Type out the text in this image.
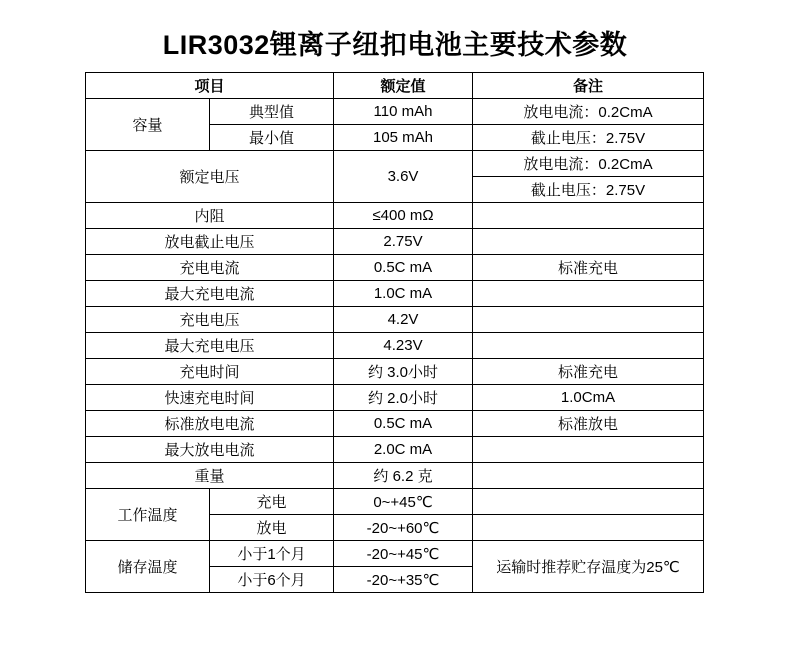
LIR3032锂离子纽扣电池主要技术参数
项目		额定值	备注
容量	典型值	110 mAh	放电电流：0.2CmA
	最小值	105 mAh	截止电压：2.75V
额定电压		3.6V	放电电流：0.2CmA
			截止电压：2.75V
内阻		≤400 mΩ	
放电截止电压		2.75V	
充电电流		0.5C mA	标准充电
最大充电电流		1.0C mA	
充电电压		4.2V	
最大充电电压		4.23V	
充电时间		约 3.0小时	标准充电
快速充电时间		约 2.0小时	1.0CmA
标准放电电流		0.5C mA	标准放电
最大放电电流		2.0C mA	
重量		约 6.2 克	
工作温度	充电	0~+45℃	
	放电	-20~+60℃	
储存温度	小于1个月	-20~+45℃	运输时推荐贮存温度为25℃
	小于6个月	-20~+35℃	
